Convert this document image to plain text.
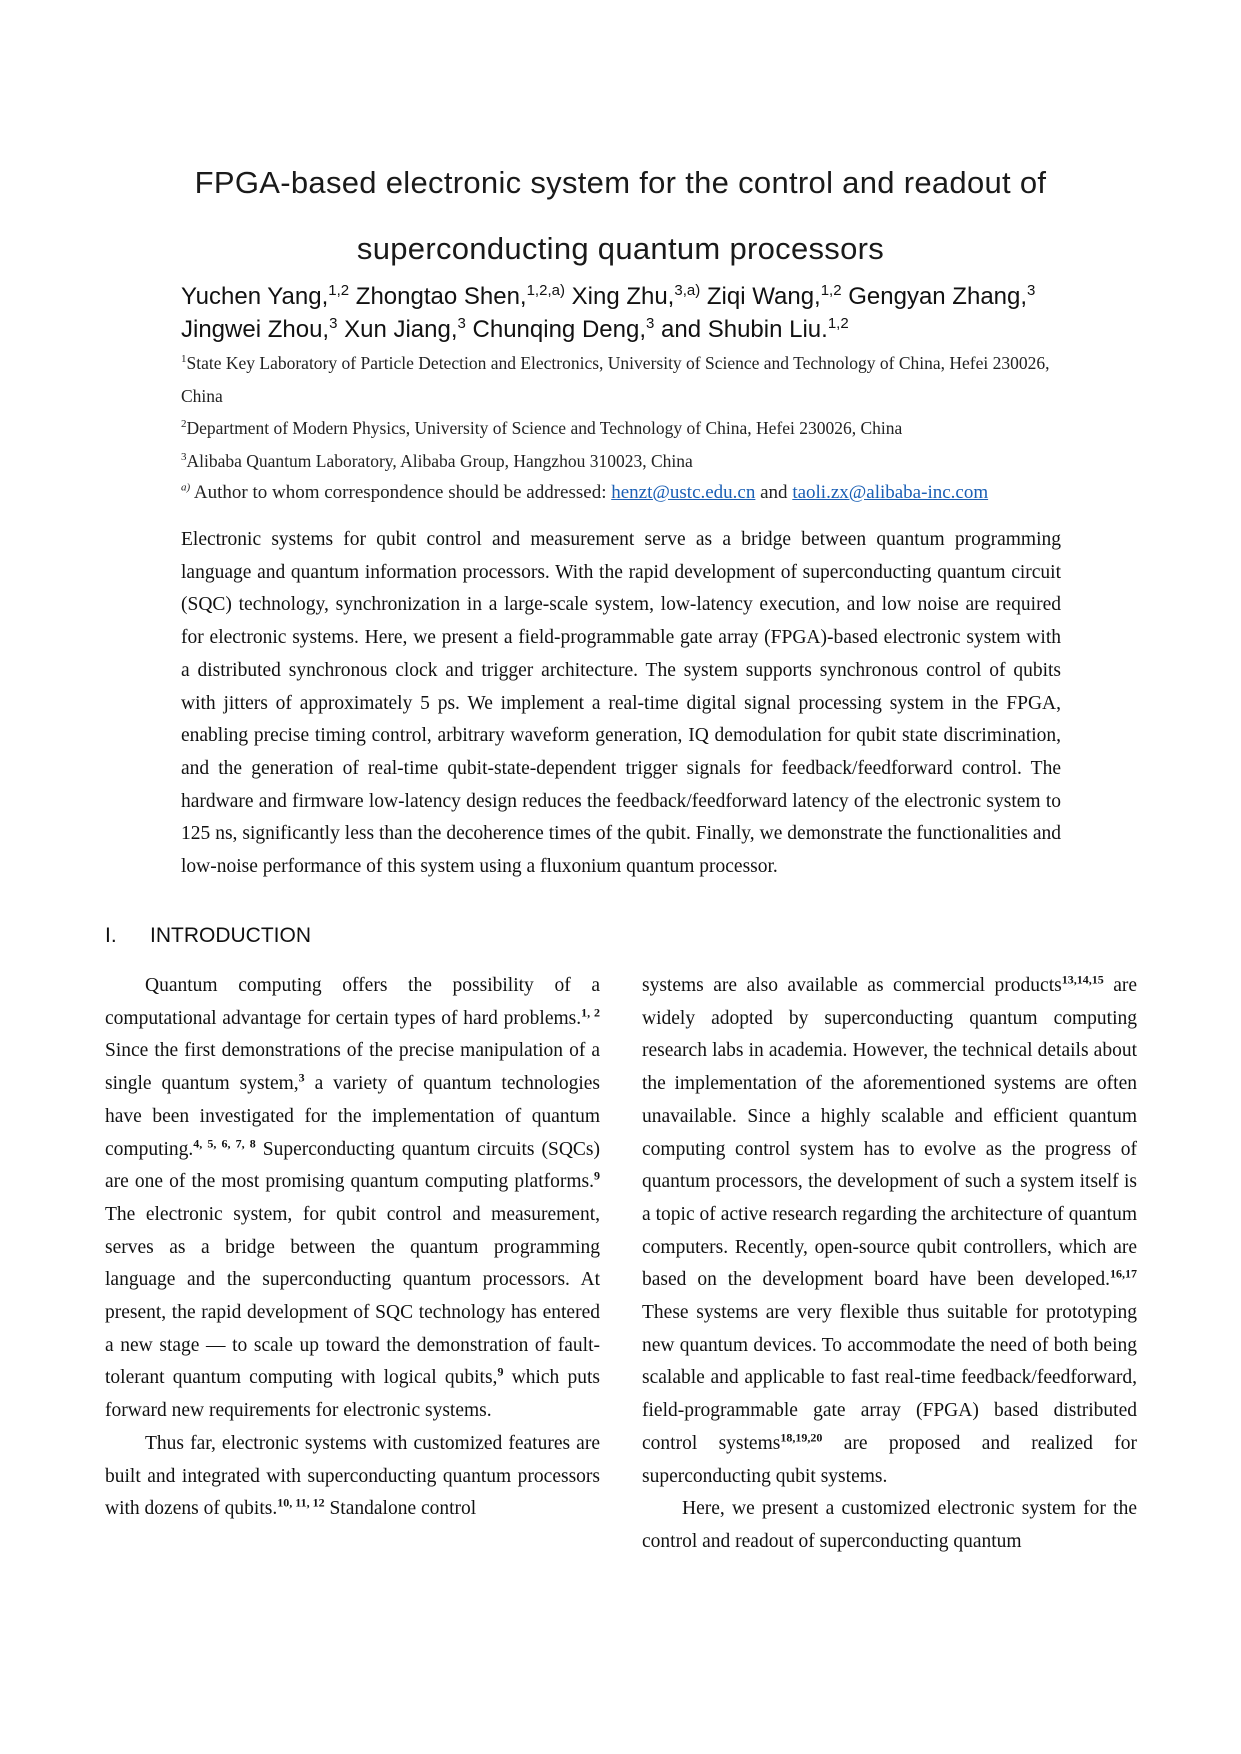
FPGA-based electronic system for the control and readout of superconducting quantum processors
Yuchen Yang,$^{1,2}$ Zhongtao Shen,$^{1,2,a)}$ Xing Zhu,$^{3,a)}$ Ziqi Wang,$^{1,2}$ Gengyan Zhang,$^3$ Jingwei Zhou,$^3$ Xun Jiang,$^3$ Chunqing Deng,$^3$ and Shubin Liu.$^{1,2}$
$^1$State Key Laboratory of Particle Detection and Electronics, University of Science and Technology of China, Hefei 230026, China
$^2$Department of Modern Physics, University of Science and Technology of China, Hefei 230026, China
$^3$Alibaba Quantum Laboratory, Alibaba Group, Hangzhou 310023, China
$^{a)}$ Author to whom correspondence should be addressed: henzt@ustc.edu.cn and taoli.zx@alibaba-inc.com
Electronic systems for qubit control and measurement serve as a bridge between quantum programming language and quantum information processors. With the rapid development of superconducting quantum circuit (SQC) technology, synchronization in a large-scale system, low-latency execution, and low noise are required for electronic systems. Here, we present a field-programmable gate array (FPGA)-based electronic system with a distributed synchronous clock and trigger architecture. The system supports synchronous control of qubits with jitters of approximately 5 ps. We implement a real-time digital signal processing system in the FPGA, enabling precise timing control, arbitrary waveform generation, IQ demodulation for qubit state discrimination, and the generation of real-time qubit-state-dependent trigger signals for feedback/feedforward control. The hardware and firmware low-latency design reduces the feedback/feedforward latency of the electronic system to 125 ns, significantly less than the decoherence times of the qubit. Finally, we demonstrate the functionalities and low-noise performance of this system using a fluxonium quantum processor.
I. INTRODUCTION

Quantum computing offers the possibility of a computational advantage for certain types of hard problems.$^{1, 2}$ Since the first demonstrations of the precise manipulation of a single quantum system,$^3$ a variety of quantum technologies have been investigated for the implementation of quantum computing.$^{4, 5, 6, 7, 8}$ Superconducting quantum circuits (SQCs) are one of the most promising quantum computing platforms.$^9$ The electronic system, for qubit control and measurement, serves as a bridge between the quantum programming language and the superconducting quantum processors. At present, the rapid development of SQC technology has entered a new stage — to scale up toward the demonstration of fault-tolerant quantum computing with logical qubits,$^9$ which puts forward new requirements for electronic systems.

Thus far, electronic systems with customized features are built and integrated with superconducting quantum processors with dozens of qubits.$^{10, 11, 12}$ Standalone control

systems are also available as commercial products$^{13,14,15}$ are widely adopted by superconducting quantum computing research labs in academia. However, the technical details about the implementation of the aforementioned systems are often unavailable. Since a highly scalable and efficient quantum computing control system has to evolve as the progress of quantum processors, the development of such a system itself is a topic of active research regarding the architecture of quantum computers. Recently, open-source qubit controllers, which are based on the development board have been developed.$^{16,17}$ These systems are very flexible thus suitable for prototyping new quantum devices. To accommodate the need of both being scalable and applicable to fast real-time feedback/feedforward, field-programmable gate array (FPGA) based distributed control systems$^{18,19,20}$ are proposed and realized for superconducting qubit systems.

Here, we present a customized electronic system for the control and readout of superconducting quantum
